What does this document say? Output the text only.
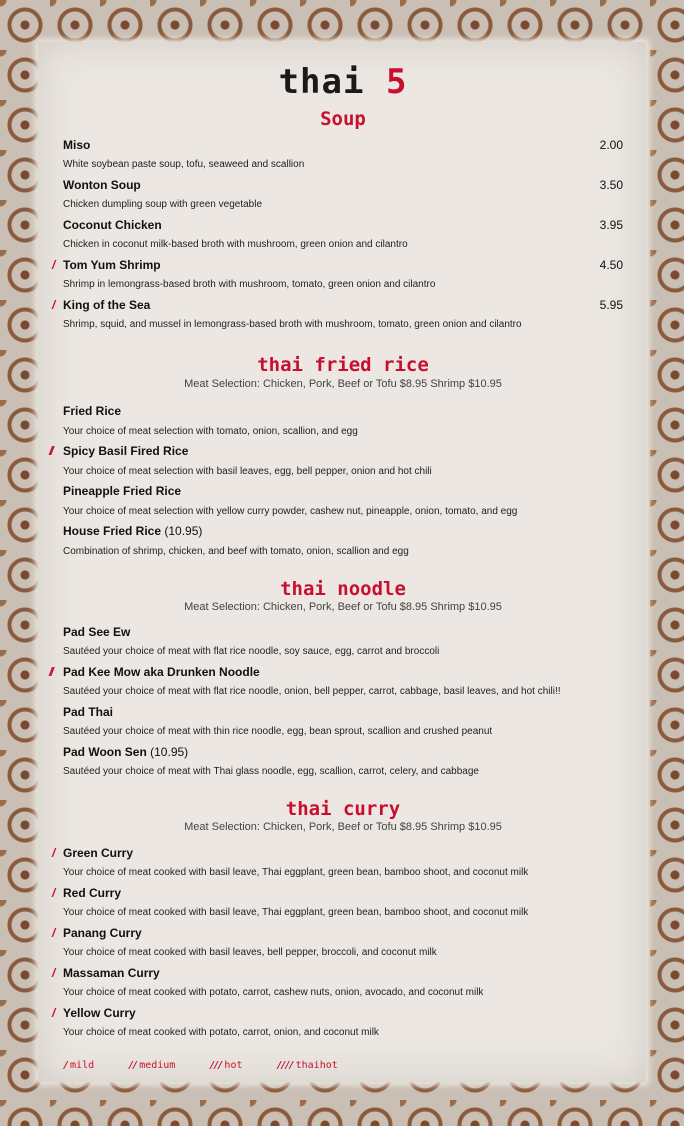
thai 5
Soup
Miso	2.00
White soybean paste soup, tofu, seaweed and scallion
Wonton Soup	3.50
Chicken dumpling soup with green vegetable
Coconut Chicken	3.95
Chicken in coconut milk-based broth with mushroom, green onion and cilantro
/ Tom Yum Shrimp	4.50
Shrimp in lemongrass-based broth with mushroom, tomato, green onion and cilantro
/ King of the Sea	5.95
Shrimp, squid, and mussel in lemongrass-based broth with mushroom, tomato, green onion and cilantro
thai fried rice
Meat Selection: Chicken, Pork, Beef or Tofu $8.95 Shrimp $10.95
Fried Rice
Your choice of meat selection with tomato, onion, scallion, and egg
// Spicy Basil Fired Rice
Your choice of meat selection with basil leaves, egg, bell pepper, onion and hot chili
Pineapple Fried Rice
Your choice of meat selection with yellow curry powder, cashew nut, pineapple, onion, tomato, and egg
House Fried Rice (10.95)
Combination of shrimp, chicken, and beef with tomato, onion, scallion and egg
thai noodle
Meat Selection: Chicken, Pork, Beef or Tofu $8.95 Shrimp $10.95
Pad See Ew
Sautéed your choice of meat with flat rice noodle, soy sauce, egg, carrot and broccoli
// Pad Kee Mow aka Drunken Noodle
Sautéed your choice of meat with flat rice noodle, onion, bell pepper, carrot, cabbage, basil leaves, and hot chili!!
Pad Thai
Sautéed your choice of meat with thin rice noodle, egg, bean sprout, scallion and crushed peanut
Pad Woon Sen (10.95)
Sautéed your choice of meat with Thai glass noodle, egg, scallion, carrot, celery, and cabbage
thai curry
Meat Selection: Chicken, Pork, Beef or Tofu $8.95 Shrimp $10.95
/ Green Curry
Your choice of meat cooked with basil leave, Thai eggplant, green bean, bamboo shoot, and coconut milk
/ Red Curry
Your choice of meat cooked with basil leave, Thai eggplant, green bean, bamboo shoot, and coconut milk
/ Panang Curry
Your choice of meat cooked with basil leaves, bell pepper, broccoli, and coconut milk
/ Massaman Curry
Your choice of meat cooked with potato, carrot, cashew nuts, onion, avocado, and coconut milk
/ Yellow Curry
Your choice of meat cooked with potato, carrot, onion, and coconut milk
/ mild	// medium	/// hot	//// thaihot
